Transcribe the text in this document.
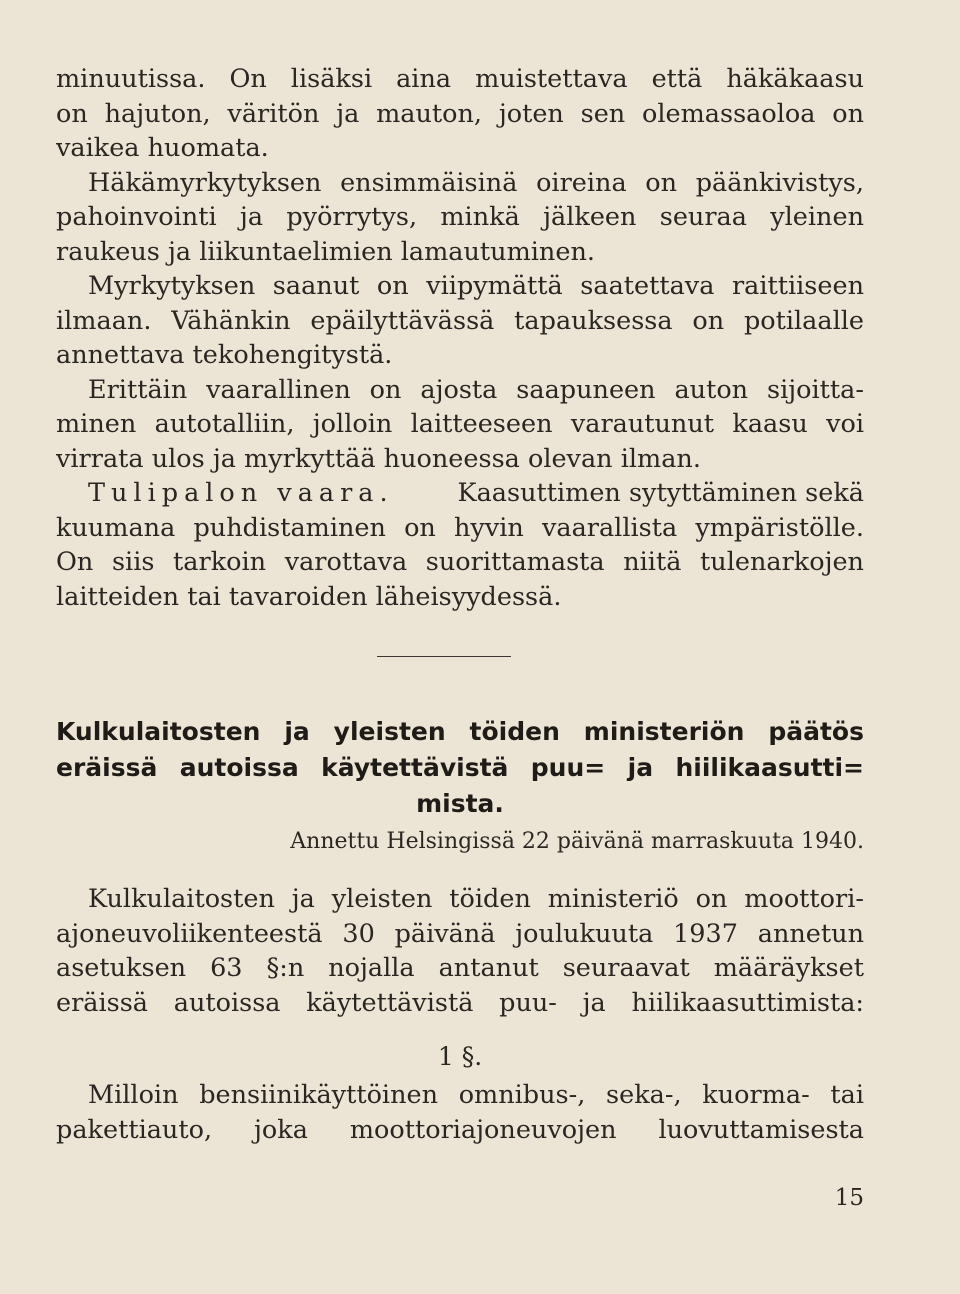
minuutissa. On lisäksi aina muistettava että häkäkaasu
on hajuton, väritön ja mauton, joten sen olemassaoloa on
vaikea huomata.
Häkämyrkytyksen ensimmäisinä oireina on päänkivistys,
pahoinvointi ja pyörrytys, minkä jälkeen seuraa yleinen
raukeus ja liikuntaelimien lamautuminen.
Myrkytyksen saanut on viipymättä saatettava raittiiseen
ilmaan. Vähänkin epäilyttävässä tapauksessa on potilaalle
annettava tekohengitystä.
Erittäin vaarallinen on ajosta saapuneen auton sijoitta-
minen autotalliin, jolloin laitteeseen varautunut kaasu voi
virrata ulos ja myrkyttää huoneessa olevan ilman.
Tulipalon vaara.	Kaasuttimen sytyttäminen sekä
kuumana puhdistaminen on hyvin vaarallista ympäristölle.
On siis tarkoin varottava suorittamasta niitä tulenarkojen
laitteiden tai tavaroiden läheisyydessä.
Kulkulaitosten ja yleisten töiden ministeriön päätös
eräissä autoissa käytettävistä puu= ja hiilikaasutti=
mista.
Annettu Helsingissä 22 päivänä marraskuuta 1940.
Kulkulaitosten ja yleisten töiden ministeriö on moottori-
ajoneuvoliikenteestä 30 päivänä joulukuuta 1937 annetun
asetuksen 63 §:n nojalla antanut seuraavat määräykset
eräissä autoissa käytettävistä puu- ja hiilikaasuttimista:
1 §.
Milloin bensiinikäyttöinen omnibus-, seka-, kuorma- tai
pakettiauto, joka moottoriajoneuvojen luovuttamisesta
15
